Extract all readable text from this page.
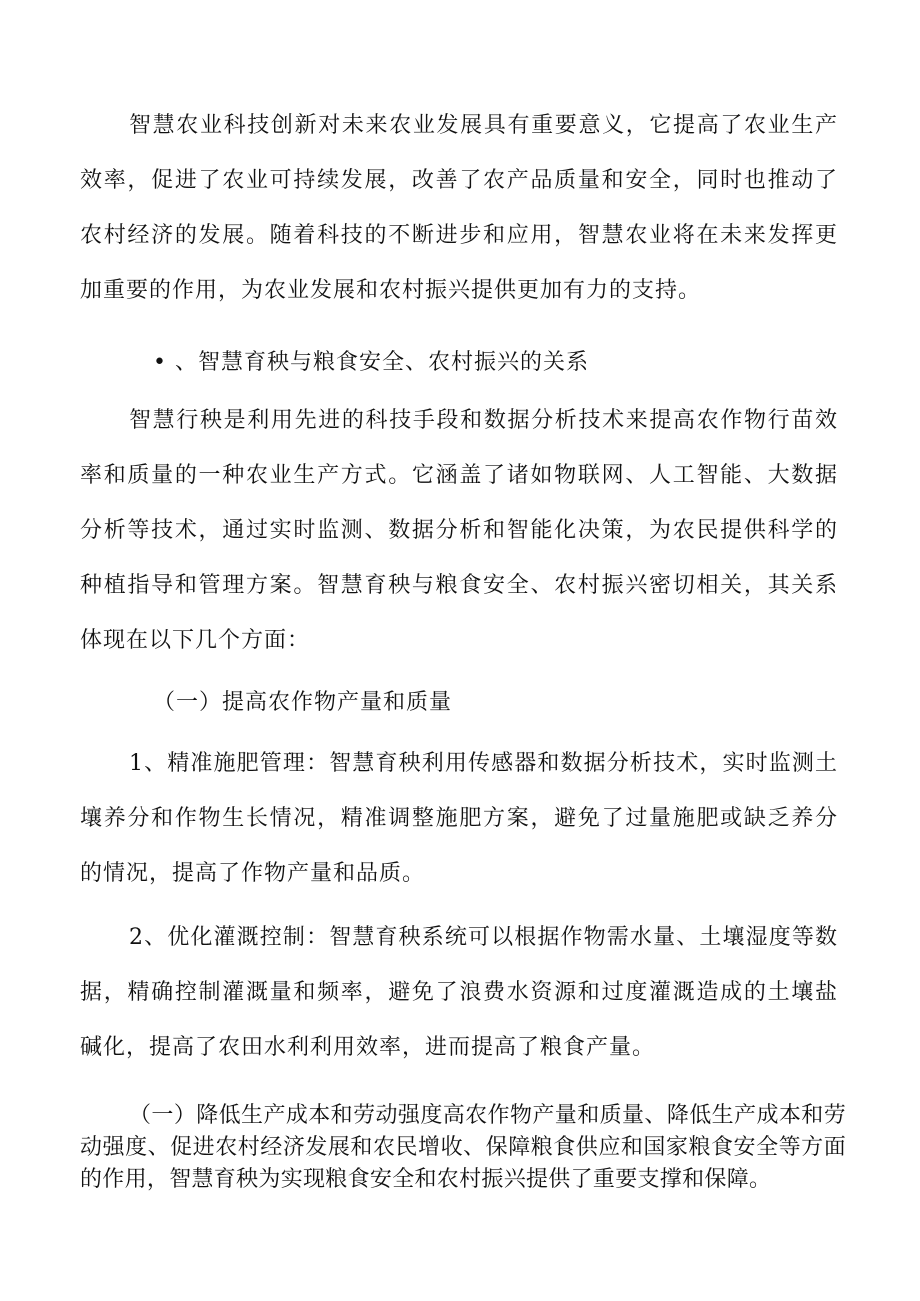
智慧农业科技创新对未来农业发展具有重要意义，它提高了农业生产效率，促进了农业可持续发展，改善了农产品质量和安全，同时也推动了农村经济的发展。随着科技的不断进步和应用，智慧农业将在未来发挥更加重要的作用，为农业发展和农村振兴提供更加有力的支持。

• 、智慧育秧与粮食安全、农村振兴的关系

智慧行秧是利用先进的科技手段和数据分析技术来提高农作物行苗效率和质量的一种农业生产方式。它涵盖了诸如物联网、人工智能、大数据分析等技术，通过实时监测、数据分析和智能化决策，为农民提供科学的种植指导和管理方案。智慧育秧与粮食安全、农村振兴密切相关，其关系体现在以下几个方面：

（一）提高农作物产量和质量

1、精准施肥管理：智慧育秧利用传感器和数据分析技术，实时监测土壤养分和作物生长情况，精准调整施肥方案，避免了过量施肥或缺乏养分的情况，提高了作物产量和品质。

2、优化灌溉控制：智慧育秧系统可以根据作物需水量、土壤湿度等数据，精确控制灌溉量和频率，避免了浪费水资源和过度灌溉造成的土壤盐碱化，提高了农田水利利用效率，进而提高了粮食产量。

（一）降低生产成本和劳动强度高农作物产量和质量、降低生产成本和劳动强度、促进农村经济发展和农民增收、保障粮食供应和国家粮食安全等方面的作用，智慧育秧为实现粮食安全和农村振兴提供了重要支撑和保障。
